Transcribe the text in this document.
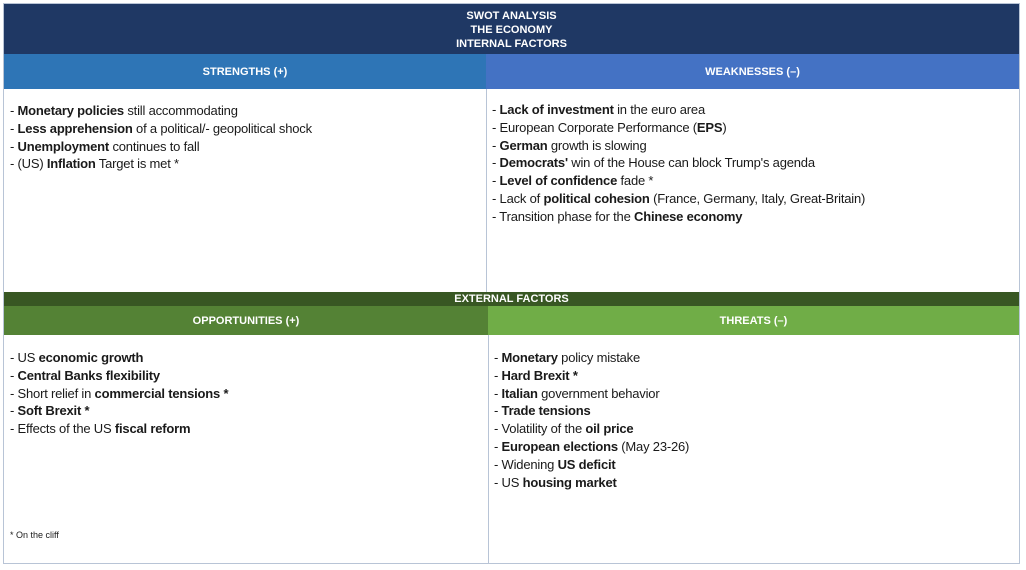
SWOT ANALYSIS
THE ECONOMY
INTERNAL FACTORS
STRENGTHS (+)	WEAKNESSES (–)
- Monetary policies still accommodating
- Less apprehension of a political/- geopolitical shock
- Unemployment continues to fall
- (US) Inflation Target is met *
- Lack of investment in the euro area
- European Corporate Performance (EPS)
- German growth is slowing
- Democrats' win of the House can block Trump's agenda
- Level of confidence fade *
- Lack of political cohesion (France, Germany, Italy, Great-Britain)
- Transition phase for the Chinese economy
EXTERNAL FACTORS
OPPORTUNITIES (+)	THREATS (–)
- US economic growth
- Central Banks flexibility
- Short relief in commercial tensions *
- Soft Brexit *
- Effects of the US fiscal reform
- Monetary policy mistake
- Hard Brexit *
- Italian government behavior
- Trade tensions
- Volatility of the oil price
- European elections (May 23-26)
- Widening US deficit
- US housing market
* On the cliff
